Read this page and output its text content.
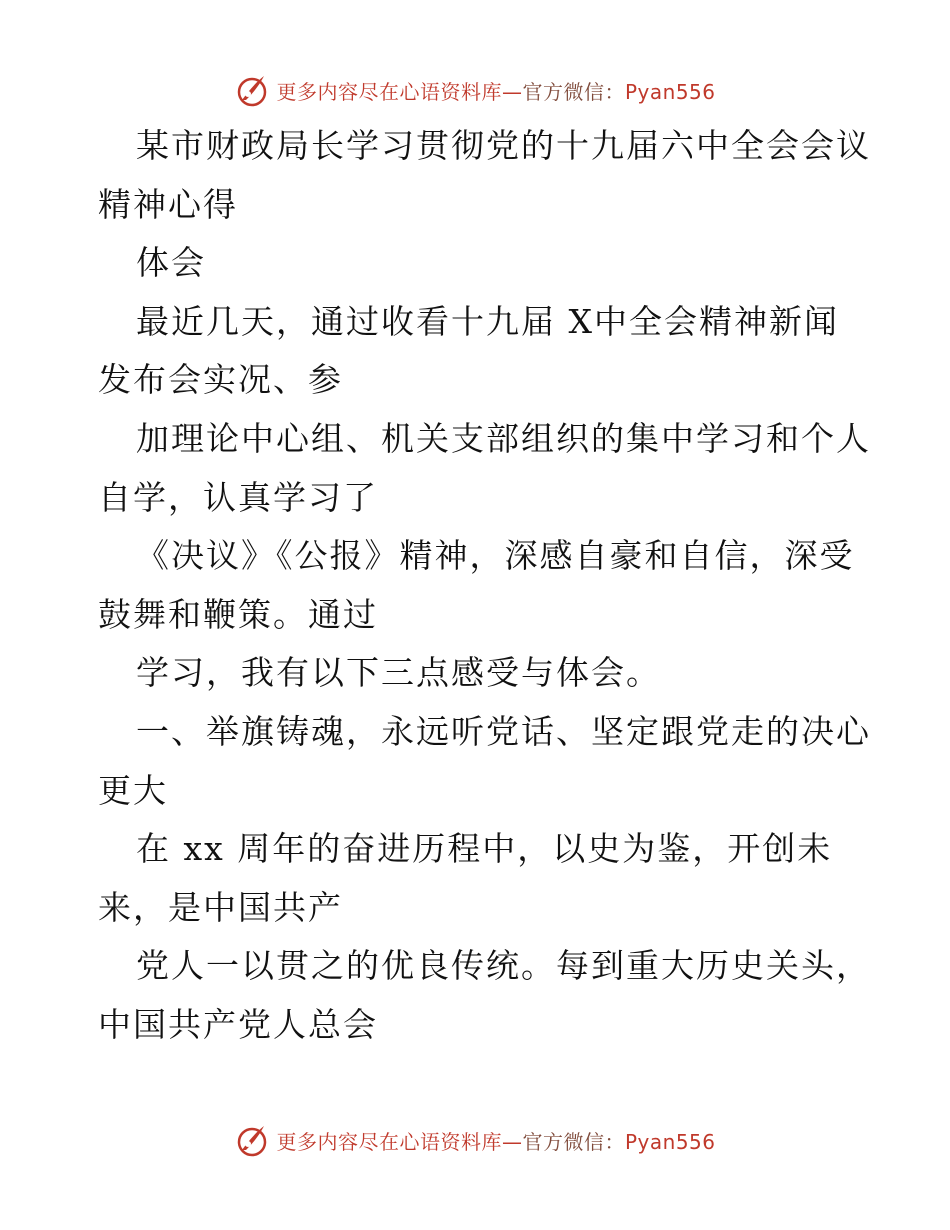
更多内容尽在心语资料库—官方微信：Pyan556
某市财政局长学习贯彻党的十九届六中全会会议
精神心得
体会
最近几天，通过收看十九届 X中全会精神新闻
发布会实况、参
加理论中心组、机关支部组织的集中学习和个人
自学，认真学习了
《决议》《公报》精神，深感自豪和自信，深受
鼓舞和鞭策。通过
学习，我有以下三点感受与体会。
一、举旗铸魂，永远听党话、坚定跟党走的决心
更大
在 xx 周年的奋进历程中，以史为鉴，开创未
来，是中国共产
党人一以贯之的优良传统。每到重大历史关头，
中国共产党人总会
更多内容尽在心语资料库—官方微信：Pyan556
